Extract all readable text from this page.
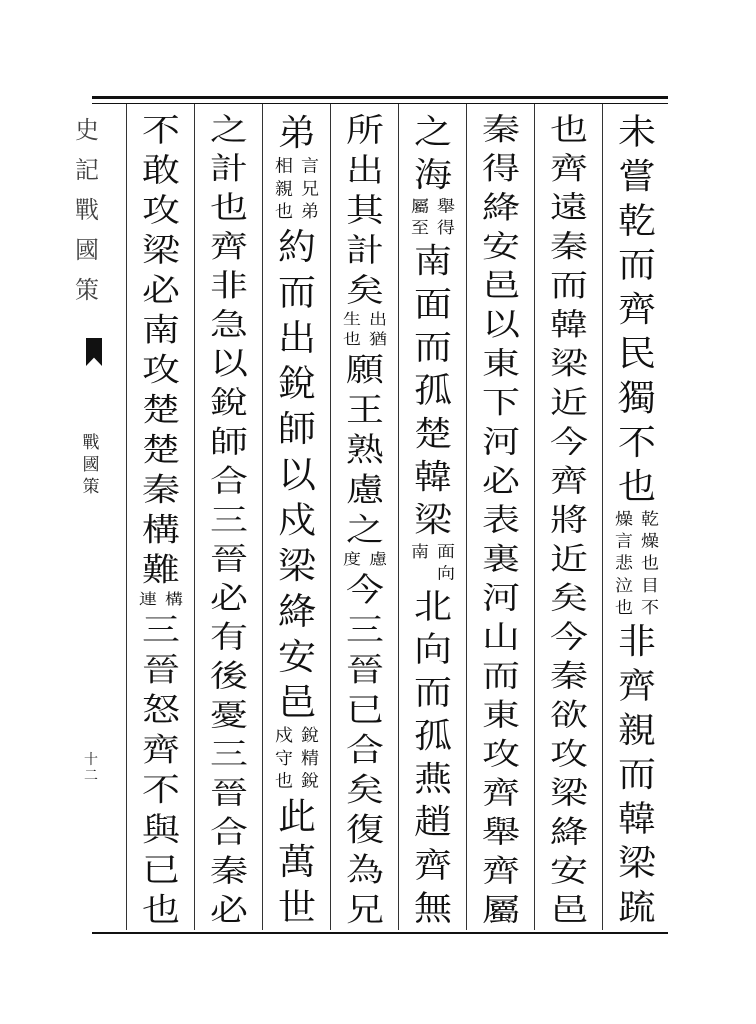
史
記
戰
國
策
戰
國
策
十
二
未
嘗
乾
而
齊
民
獨
不
也
乾
燥
也
目
不
燥
言
悲
泣
也
非
齊
親
而
韓
梁
䟽
也
齊
遠
秦
而
韓
梁
近
今
齊
將
近
矣
今
秦
欲
攻
梁
絳
安
邑
秦
得
絳
安
邑
以
東
下
河
必
表
裏
河
山
而
東
攻
齊
舉
齊
屬
之
海
舉
得
屬
至
南
面
而
孤
楚
韓
梁
面
向
南
北
向
而
孤
燕
趙
齊
無
所
出
其
計
矣
出
猶
生
也
願
王
熟
慮
之
慮
度
今
三
晉
已
合
矣
復
為
兄
弟
言
兄
弟
相
親
也
約
而
出
銳
師
以
戍
梁
絳
安
邑
銳
精
銳
戍
守
也
此
萬
世
之
計
也
齊
非
急
以
銳
師
合
三
晉
必
有
後
憂
三
晉
合
秦
必
不
敢
攻
梁
必
南
攻
楚
楚
秦
構
難
構
連
三
晉
怒
齊
不
與
已
也
